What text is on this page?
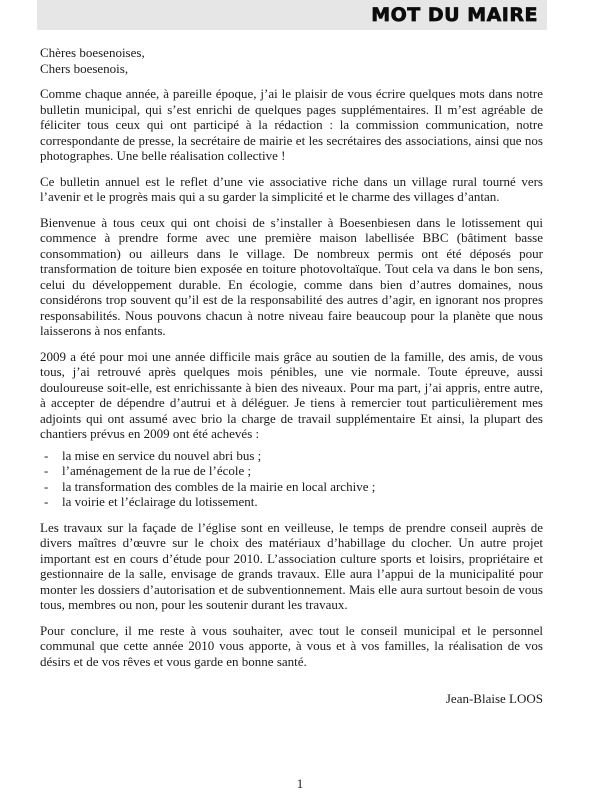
MOT DU MAIRE
Chères boesenoises,
Chers boesenois,

Comme chaque année, à pareille époque, j’ai le plaisir de vous écrire quelques mots dans notre bulletin municipal, qui s’est enrichi de quelques pages supplémentaires. Il m’est agréable de féliciter tous ceux qui ont participé à la rédaction : la commission communication, notre correspondante de presse, la secrétaire de mairie et les secrétaires des associations, ainsi que nos photographes. Une belle réalisation collective !

Ce bulletin annuel est le reflet d’une vie associative riche dans un village rural tourné vers l’avenir et le progrès mais qui a su garder la simplicité et le charme des villages d’antan.

Bienvenue à tous ceux qui ont choisi de s’installer à Boesenbiesen dans le lotissement qui commence à prendre forme avec une première maison labellisée BBC (bâtiment basse consommation) ou ailleurs dans le village. De nombreux permis ont été déposés pour transformation de toiture bien exposée en toiture photovoltaïque. Tout cela va dans le bon sens, celui du développement durable. En écologie, comme dans bien d’autres domaines, nous considérons trop souvent qu’il est de la responsabilité des autres d’agir, en ignorant nos propres responsabilités. Nous pouvons chacun à notre niveau faire beaucoup pour la planète que nous laisserons à nos enfants.

2009 a été pour moi une année difficile mais grâce au soutien de la famille, des amis, de vous tous, j’ai retrouvé après quelques mois pénibles, une vie normale. Toute épreuve, aussi douloureuse soit-elle, est enrichissante à bien des niveaux. Pour ma part, j’ai appris, entre autre, à accepter de dépendre d’autrui et à déléguer. Je tiens à remercier tout particulièrement mes adjoints qui ont assumé avec brio la charge de travail supplémentaire Et ainsi, la plupart des chantiers prévus en 2009 ont été achevés :

-	la mise en service du nouvel abri bus ;
-	l’aménagement de la rue de l’école ;
-	la transformation des combles de la mairie en local archive ;
-	la voirie et l’éclairage du lotissement.

Les travaux sur la façade de l’église sont en veilleuse, le temps de prendre conseil auprès de divers maîtres d’œuvre sur le choix des matériaux d’habillage du clocher. Un autre projet important est en cours d’étude pour 2010. L’association culture sports et loisirs, propriétaire et gestionnaire de la salle, envisage de grands travaux. Elle aura l’appui de la municipalité pour monter les dossiers d’autorisation et de subventionnement. Mais elle aura surtout besoin de vous tous, membres ou non, pour les soutenir durant les travaux.

Pour conclure, il me reste à vous souhaiter, avec tout le conseil municipal et le personnel communal que cette année 2010 vous apporte, à vous et à vos familles, la réalisation de vos désirs et de vos rêves et vous garde en bonne santé.

Jean-Blaise LOOS
1
